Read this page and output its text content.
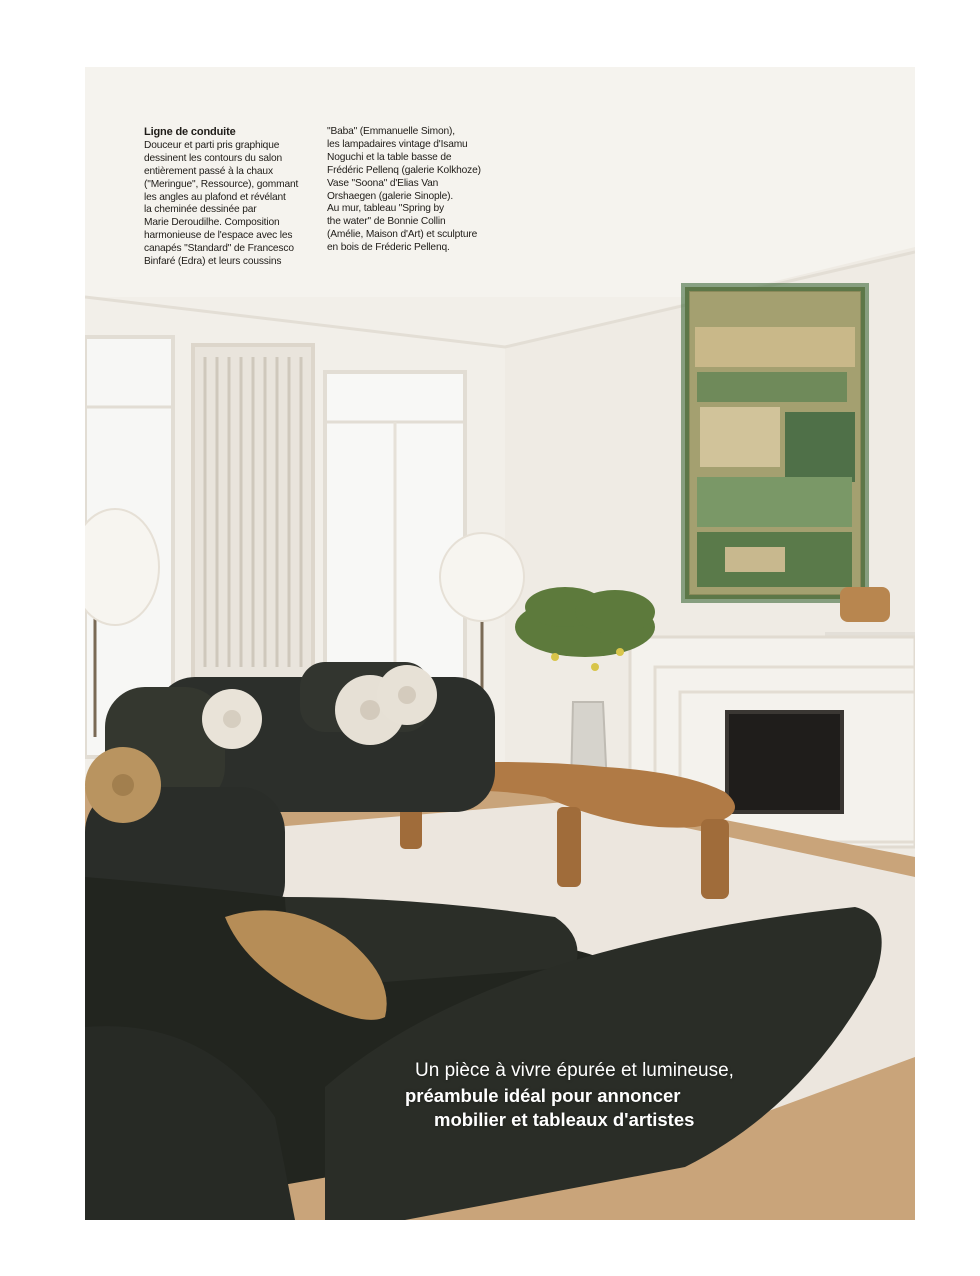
Ligne de conduite
Douceur et parti pris graphique
dessinent les contours du salon
entièrement passé à la chaux
("Meringue", Ressource), gommant
les angles au plafond et révélant
la cheminée dessinée par
Marie Deroudilhe. Composition
harmonieuse de l'espace avec les
canapés "Standard" de Francesco
Binfaré (Edra) et leurs coussins
"Baba" (Emmanuelle Simon),
les lampadaires vintage d'Isamu
Noguchi et la table basse de
Frédéric Pellenq (galerie Kolkhoze)
Vase "Soona" d'Elias Van
Orshaegen (galerie Sinople).
Au mur, tableau "Spring by
the water" de Bonnie Collin
(Amélie, Maison d'Art) et sculpture
en bois de Fréderic Pellenq.
Un pièce à vivre épurée et lumineuse,
préambule idéal pour annoncer
mobilier et tableaux d'artistes
